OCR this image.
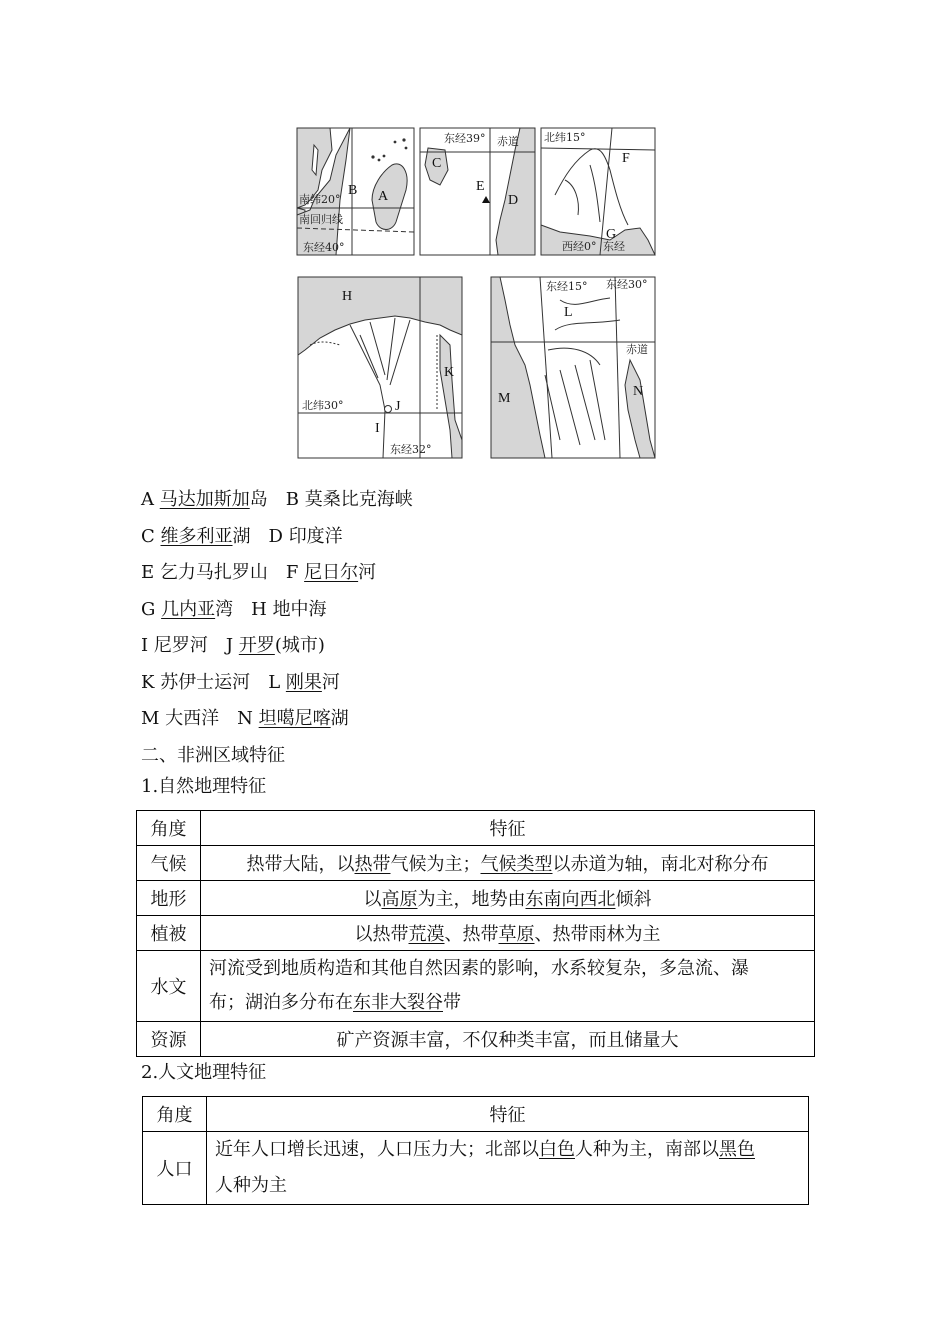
南纬20°
南回归线
东经40°
A
B
东经39° 赤道
C
E
D
北纬15°
西经0° 东经
F
G
北纬30°
东经32°
H
I
J
K
东经15° 东经30°
赤道
L
M	N
A 马达加斯加岛 B 莫桑比克海峡
C 维多利亚湖 D 印度洋
E 乞力马扎罗山 F 尼日尔河
G 几内亚湾 H 地中海
I 尼罗河 J 开罗(城市)
K 苏伊士运河 L 刚果河
M 大西洋 N 坦噶尼喀湖
二、非洲区域特征
1.自然地理特征
角度	特征
气候	热带大陆，以热带气候为主；气候类型以赤道为轴，南北对称分布
地形	以高原为主，地势由东南向西北倾斜
植被	以热带荒漠、热带草原、热带雨林为主
水文	河流受到地质构造和其他自然因素的影响，水系较复杂，多急流、瀑
布；湖泊多分布在东非大裂谷带
资源	矿产资源丰富，不仅种类丰富，而且储量大
2.人文地理特征
角度	特征
人口	近年人口增长迅速，人口压力大；北部以白色人种为主，南部以黑色
人种为主
